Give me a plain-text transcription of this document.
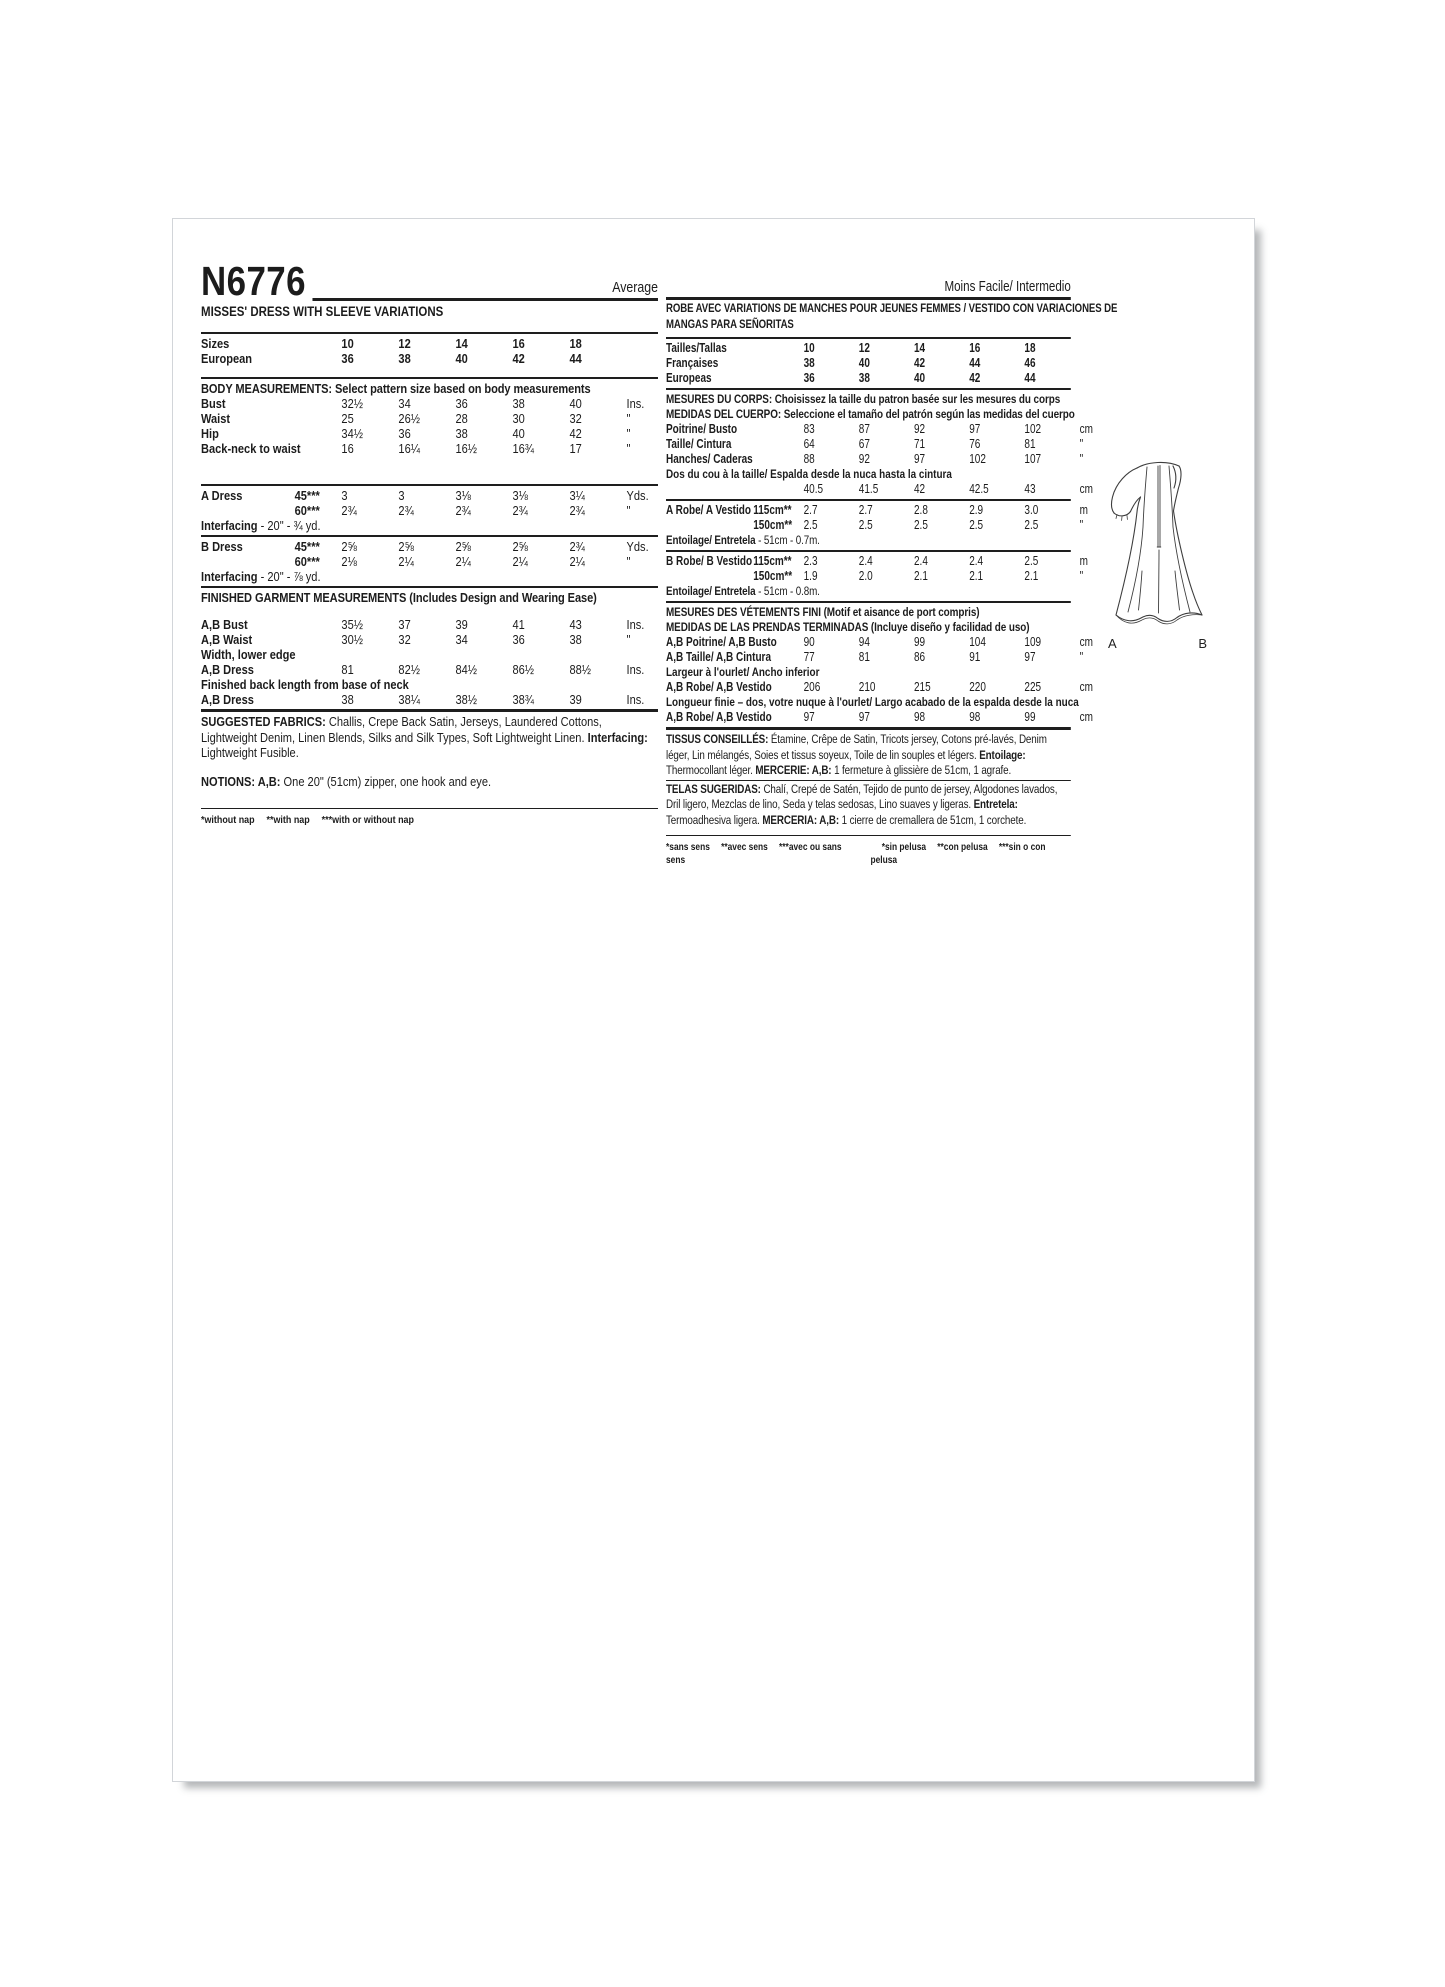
N6776	Average
MISSES' DRESS WITH SLEEVE VARIATIONS
Sizes	10	12	14	16	18
European	36	38	40	42	44
BODY MEASUREMENTS: Select pattern size based on body measurements
Bust	32½	34	36	38	40	Ins.
Waist	25	26½	28	30	32	"
Hip	34½	36	38	40	42	"
Back-neck to waist	16	16¼	16½	16¾	17	"
A Dress	45***	3	3	3⅛	3⅛	3¼	Yds.
60***	2¾	2¾	2¾	2¾	2¾	"
Interfacing - 20" - ¾ yd.
B Dress	45***	2⅝	2⅝	2⅝	2⅝	2¾	Yds.
60***	2⅛	2¼	2¼	2¼	2¼	"
Interfacing - 20" - ⅞ yd.
FINISHED GARMENT MEASUREMENTS (Includes Design and Wearing Ease)
A,B Bust	35½	37	39	41	43	Ins.
A,B Waist	30½	32	34	36	38	"
Width, lower edge
A,B Dress	81	82½	84½	86½	88½	Ins.
Finished back length from base of neck
A,B Dress	38	38¼	38½	38¾	39	Ins.
SUGGESTED FABRICS: Challis, Crepe Back Satin, Jerseys, Laundered Cottons, Lightweight Denim, Linen Blends, Silks and Silk Types, Soft Lightweight Linen. Interfacing: Lightweight Fusible.
NOTIONS: A,B: One 20" (51cm) zipper, one hook and eye.
*without nap **with nap ***with or without nap
Moins Facile/ Intermedio
ROBE AVEC VARIATIONS DE MANCHES POUR JEUNES FEMMES / VESTIDO CON VARIACIONES DE
MANGAS PARA SEÑORITAS
Tailles/Tallas	10	12	14	16	18
Françaises	38	40	42	44	46
Europeas	36	38	40	42	44
MESURES DU CORPS: Choisissez la taille du patron basée sur les mesures du corps
MEDIDAS DEL CUERPO: Seleccione el tamaño del patrón según las medidas del cuerpo
Poitrine/ Busto	83	87	92	97	102	cm
Taille/ Cintura	64	67	71	76	81	"
Hanches/ Caderas	88	92	97	102	107	"
Dos du cou à la taille/ Espalda desde la nuca hasta la cintura
40.5	41.5	42	42.5	43	cm
A Robe/ A Vestido 115cm** 2.7	2.7	2.8	2.9	3.0	m
150cm** 2.5	2.5	2.5	2.5	2.5	"
Entoilage/ Entretela - 51cm - 0.7m.
B Robe/ B Vestido 115cm** 2.3	2.4	2.4	2.4	2.5	m
150cm** 1.9	2.0	2.1	2.1	2.1	"
Entoilage/ Entretela - 51cm - 0.8m.
MESURES DES VÉTEMENTS FINI (Motif et aisance de port compris)
MEDIDAS DE LAS PRENDAS TERMINADAS (Incluye diseño y facilidad de uso)
A,B Poitrine/ A,B Busto	90	94	99	104	109	cm
A,B Taille/ A,B Cintura	77	81	86	91	97	"
Largeur à l'ourlet/ Ancho inferior
A,B Robe/ A,B Vestido	206	210	215	220	225	cm
Longueur finie – dos, votre nuque à l'ourlet/ Largo acabado de la espalda desde la nuca
A,B Robe/ A,B Vestido	97	97	98	98	99	cm
TISSUS CONSEILLÉS: Étamine, Crêpe de Satin, Tricots jersey, Cotons pré-lavés, Denim léger, Lin mélangés, Soies et tissus soyeux, Toile de lin souples et légers. Entoilage: Thermocollant léger. MERCERIE: A,B: 1 fermeture à glissière de 51cm, 1 agrafe.
TELAS SUGERIDAS: Chalí, Crepé de Satén, Tejido de punto de jersey, Algodones lavados, Dril ligero, Mezclas de lino, Seda y telas sedosas, Lino suaves y ligeras. Entretela: Termoadhesiva ligera. MERCERIA: A,B: 1 cierre de cremallera de 51cm, 1 corchete.
*sans sens **avec sens ***avec ou sans sens
*sin pelusa **con pelusa ***sin o con pelusa
A	B
